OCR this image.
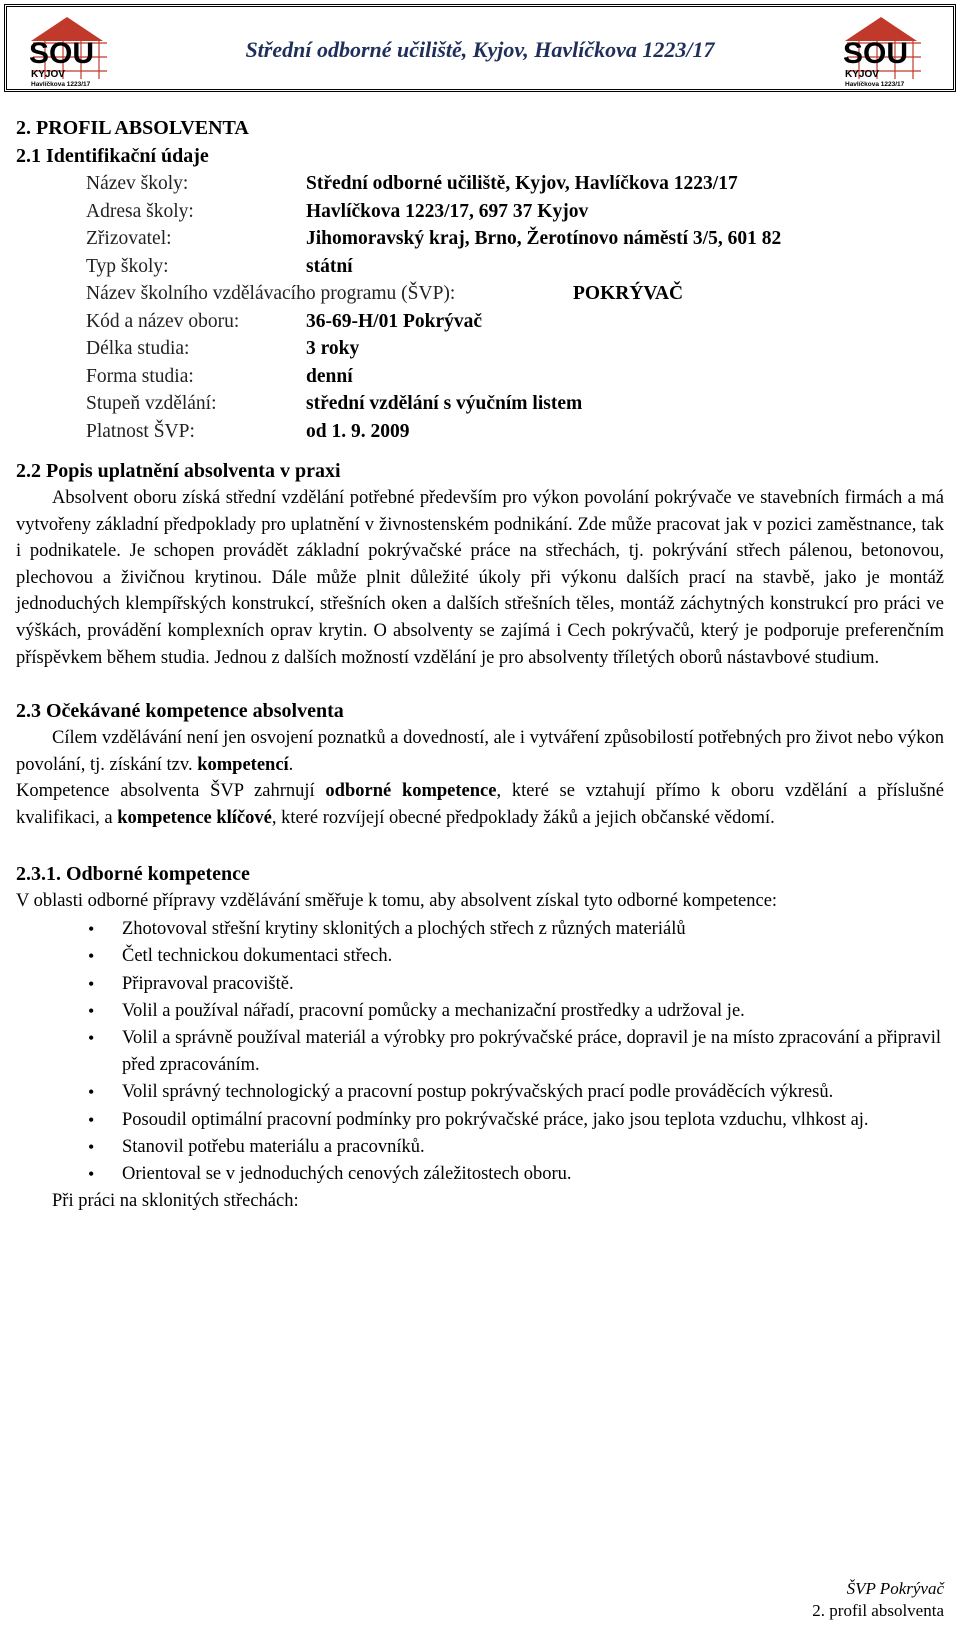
SOU
KYJOV
Havlíčkova 1223/17
Střední odborné učiliště, Kyjov, Havlíčkova 1223/17	SOU
KYJOV
Havlíčkova 1223/17
2. PROFIL ABSOLVENTA
2.1 Identifikační údaje
Název školy:	Střední odborné učiliště, Kyjov, Havlíčkova 1223/17
Adresa školy:	Havlíčkova 1223/17, 697 37 Kyjov
Zřizovatel:	Jihomoravský kraj, Brno, Žerotínovo náměstí 3/5, 601 82
Typ školy:	státní
Název školního vzdělávacího programu (ŠVP):	POKRÝVAČ
Kód a název oboru:	36-69-H/01 Pokrývač
Délka studia:	3 roky
Forma studia:	denní
Stupeň vzdělání:	střední vzdělání s výučním listem
Platnost ŠVP:	od 1. 9. 2009
2.2 Popis uplatnění absolventa v praxi

Absolvent oboru získá střední vzdělání potřebné především pro výkon povolání pokrývače ve stavebních firmách a má vytvořeny základní předpoklady pro uplatnění v živnostenském podnikání. Zde může pracovat jak v pozici zaměstnance, tak i podnikatele. Je schopen provádět základní pokrývačské práce na střechách, tj. pokrývání střech pálenou, betonovou, plechovou a živičnou krytinou. Dále může plnit důležité úkoly při výkonu dalších prací na stavbě, jako je montáž jednoduchých klempířských konstrukcí, střešních oken a dalších střešních těles, montáž záchytných konstrukcí pro práci ve výškách, provádění komplexních oprav krytin. O absolventy se zajímá i Cech pokrývačů, který je podporuje preferenčním příspěvkem během studia. Jednou z dalších možností vzdělání je pro absolventy tříletých oborů nástavbové studium.

2.3 Očekávané kompetence absolventa

Cílem vzdělávání není jen osvojení poznatků a dovedností, ale i vytváření způsobilostí potřebných pro život nebo výkon povolání, tj. získání tzv. kompetencí.

Kompetence absolventa ŠVP zahrnují odborné kompetence, které se vztahují přímo k oboru vzdělání a příslušné kvalifikaci, a kompetence klíčové, které rozvíjejí obecné předpoklady žáků a jejich občanské vědomí.

2.3.1. Odborné kompetence

V oblasti odborné přípravy vzdělávání směřuje k tomu, aby absolvent získal tyto odborné kompetence:

• Zhotovoval střešní krytiny sklonitých a plochých střech z různých materiálů
• Četl technickou dokumentaci střech.
• Připravoval pracoviště.
• Volil a používal nářadí, pracovní pomůcky a mechanizační prostředky a udržoval je.
• Volil a správně používal materiál a výrobky pro pokrývačské práce, dopravil je na místo zpracování a připravil před zpracováním.
• Volil správný technologický a pracovní postup pokrývačských prací podle prováděcích výkresů.
• Posoudil optimální pracovní podmínky pro pokrývačské práce, jako jsou teplota vzduchu, vlhkost aj.
• Stanovil potřebu materiálu a pracovníků.
• Orientoval se v jednoduchých cenových záležitostech oboru.

Při práci na sklonitých střechách:

ŠVP Pokrývač
2. profil absolventa
